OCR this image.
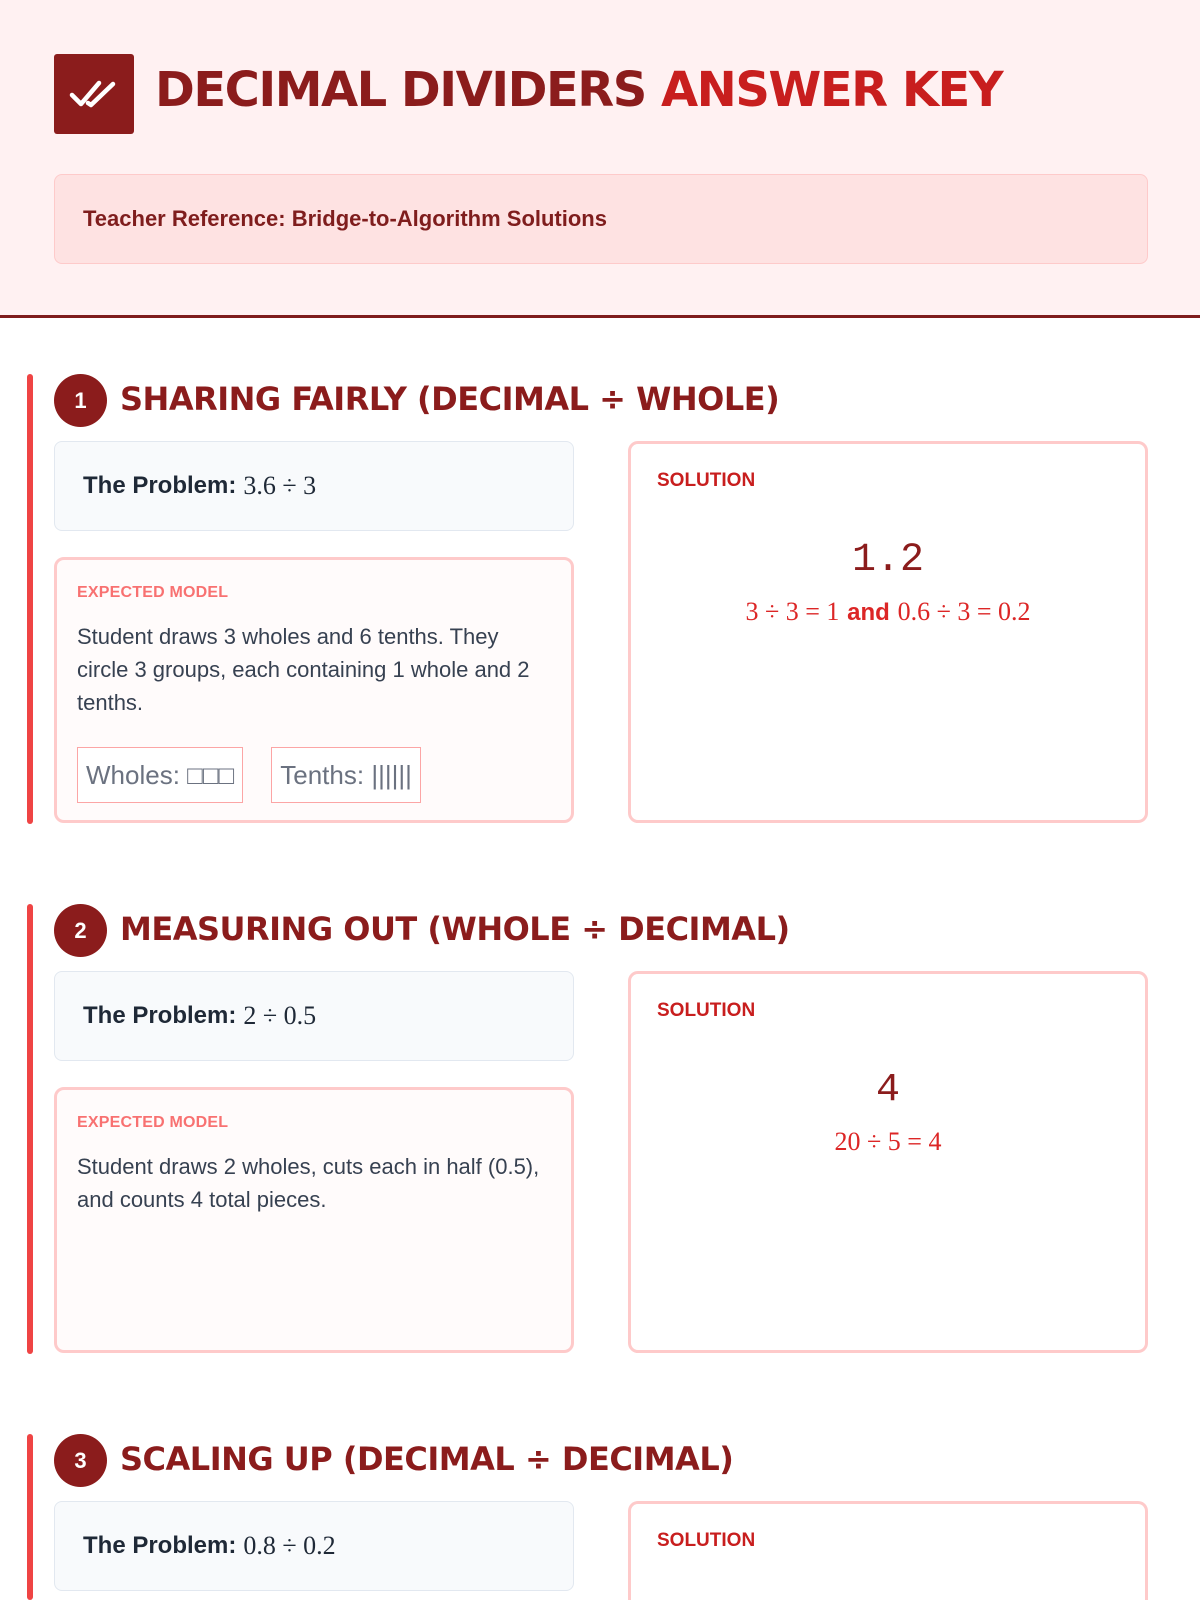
DECIMAL DIVIDERS ANSWER KEY
Teacher Reference: Bridge-to-Algorithm Solutions
1	SHARING FAIRLY (DECIMAL ÷ WHOLE)
The Problem: 3.6 ÷ 3
EXPECTED MODEL
Student draws 3 wholes and 6 tenths. They circle 3 groups, each containing 1 whole and 2 tenths.
Wholes: □□□	Tenths: ||||||
SOLUTION
1.2
3 ÷ 3 = 1 and 0.6 ÷ 3 = 0.2
2	MEASURING OUT (WHOLE ÷ DECIMAL)
The Problem: 2 ÷ 0.5
EXPECTED MODEL
Student draws 2 wholes, cuts each in half (0.5), and counts 4 total pieces.
SOLUTION
4
20 ÷ 5 = 4
3	SCALING UP (DECIMAL ÷ DECIMAL)
The Problem: 0.8 ÷ 0.2	SOLUTION
